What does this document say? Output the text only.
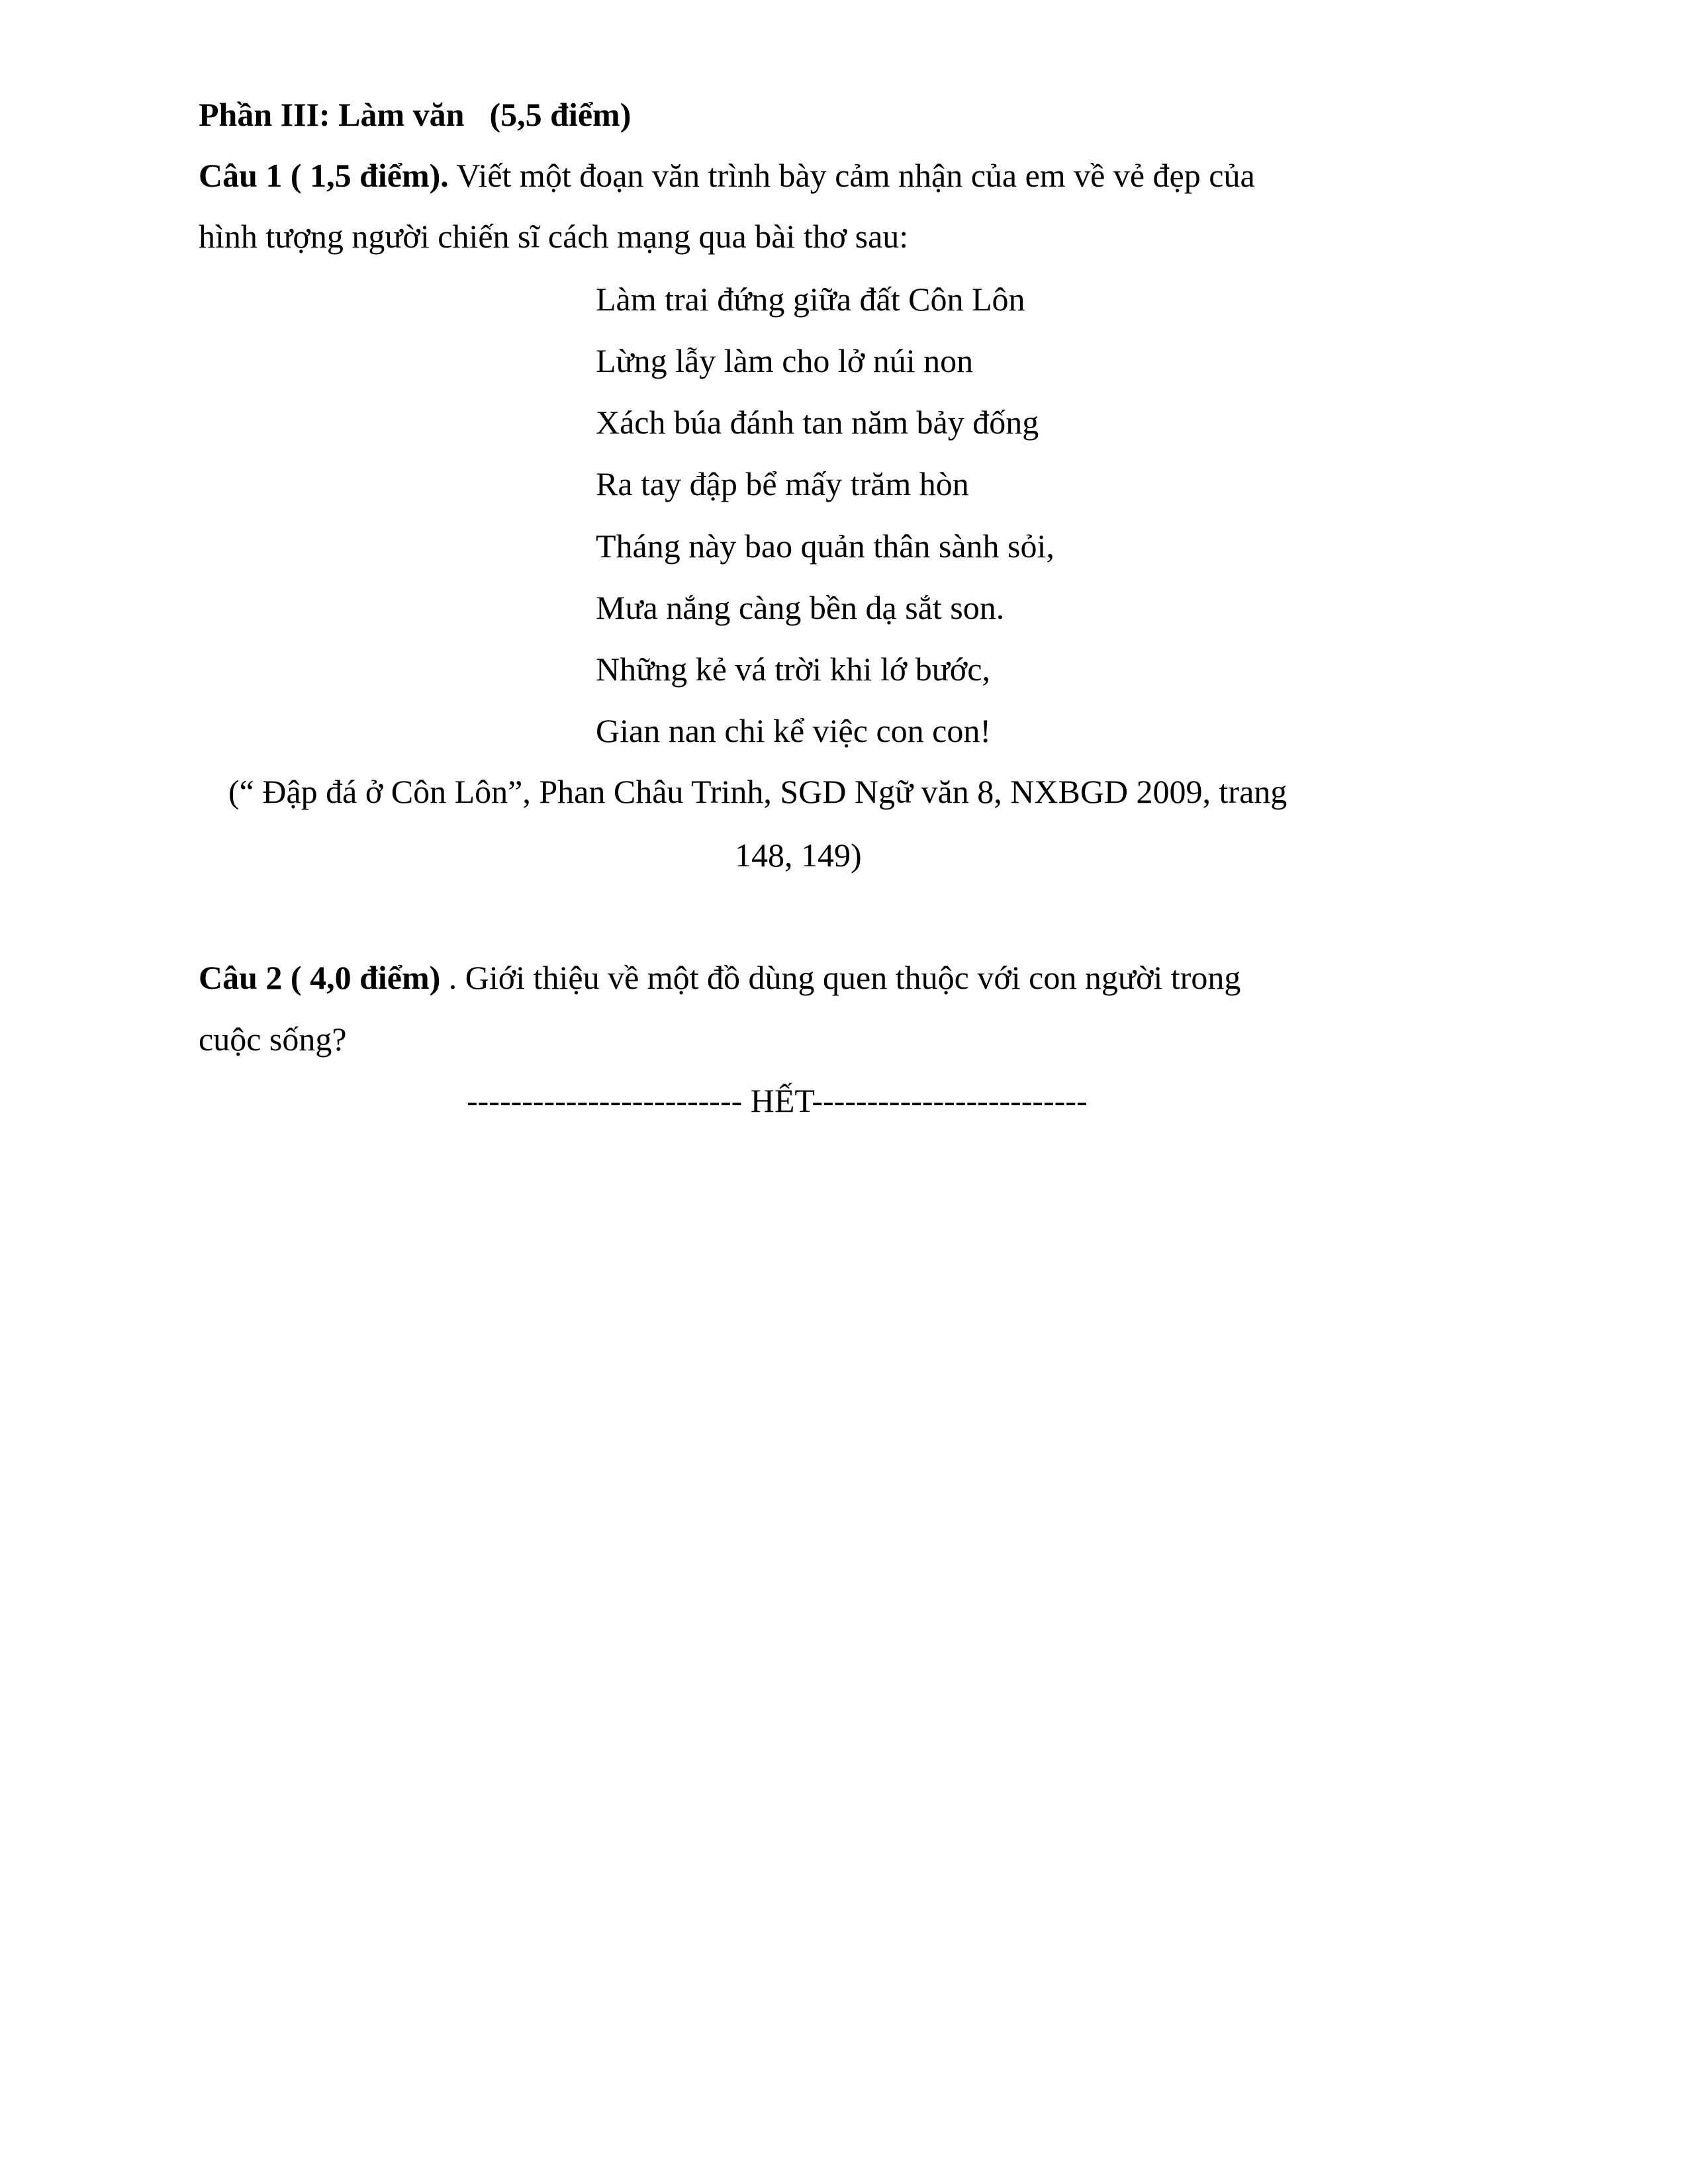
Phần III: Làm văn (5,5 điểm)
Câu 1 ( 1,5 điểm). Viết một đoạn văn trình bày cảm nhận của em về vẻ đẹp của
hình tượng người chiến sĩ cách mạng qua bài thơ sau:
Làm trai đứng giữa đất Côn Lôn
Lừng lẫy làm cho lở núi non
Xách búa đánh tan năm bảy đống
Ra tay đập bể mấy trăm hòn
Tháng này bao quản thân sành sỏi,
Mưa nắng càng bền dạ sắt son.
Những kẻ vá trời khi lớ bước,
Gian nan chi kể việc con con!
(“ Đập đá ở Côn Lôn”, Phan Châu Trinh, SGD Ngữ văn 8, NXBGD 2009, trang
148, 149)
Câu 2 ( 4,0 điểm) . Giới thiệu về một đồ dùng quen thuộc với con người trong
cuộc sống?
------------------------- HẾT-------------------------
